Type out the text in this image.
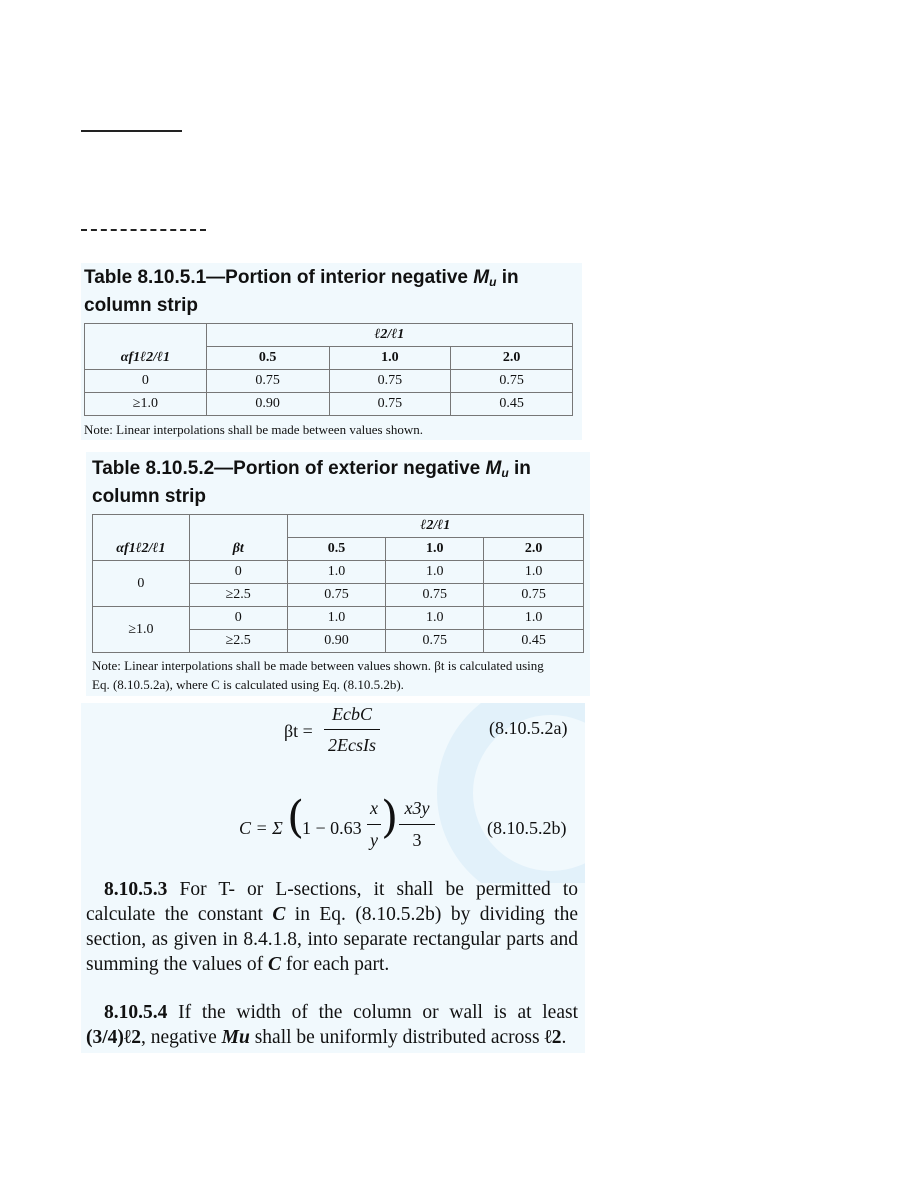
Table 8.10.5.1—Portion of interior negative $M_u$ in
column strip

	ℓ2/ℓ1		
αf1ℓ2/ℓ1	0.5	1.0	2.0
0	0.75	0.75	0.75
≥1.0	0.90	0.75	0.45

Note: Linear interpolations shall be made between values shown.

Table 8.10.5.2—Portion of exterior negative $M_u$ in
column strip

		ℓ2/ℓ1		
αf1ℓ2/ℓ1	βt	0.5	1.0	2.0
0	0	1.0	1.0	1.0
	≥2.5	0.75	0.75	0.75
≥1.0	0	1.0	1.0	1.0
	≥2.5	0.90	0.75	0.45

Note: Linear interpolations shall be made between values shown. βt is calculated using

Eq. (8.10.5.2a), where C is calculated using Eq. (8.10.5.2b).

βt =
EcbC
2EcsIs
(8.10.5.2a)
C = Σ (
1 − 0.63
x
y ) x3y
3
(8.10.5.2b)

8.10.5.3 For T- or L-sections, it shall be permitted to calculate the constant C in Eq. (8.10.5.2b) by dividing the section, as given in 8.4.1.8, into separate rectangular parts and summing the values of C for each part.

8.10.5.4 If the width of the column or wall is at least (3/4)ℓ2, negative Mu shall be uniformly distributed across ℓ2.
